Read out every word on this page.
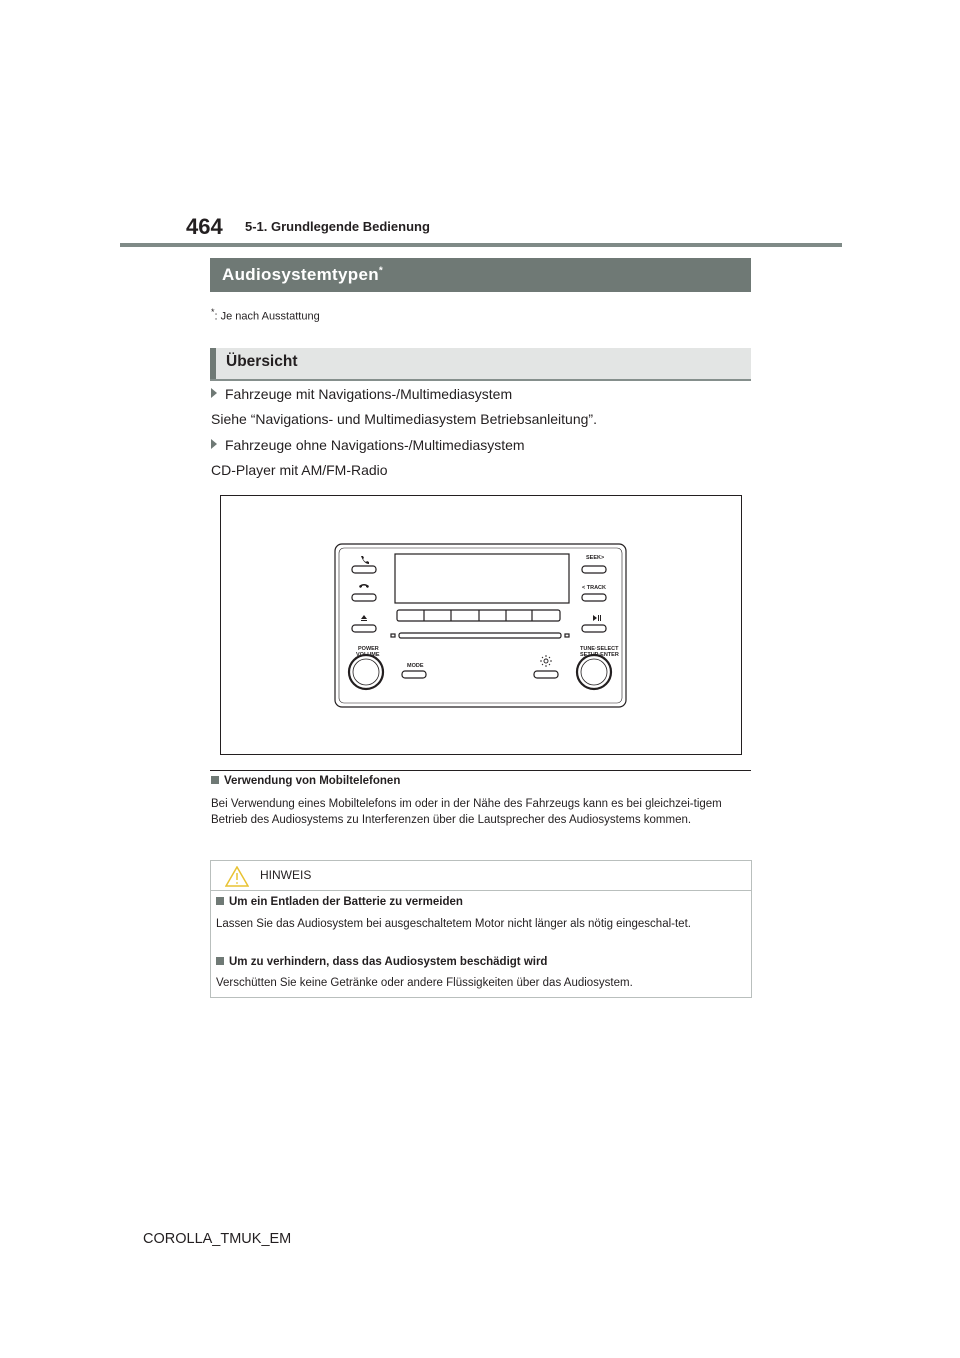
464 5-1. Grundlegende Bedienung
Audiosystemtypen*
*: Je nach Ausstattung
Übersicht
Fahrzeuge mit Navigations-/Multimediasystem
Siehe “Navigations- und Multimediasystem Betriebsanleitung”.
Fahrzeuge ohne Navigations-/Multimediasystem
CD-Player mit AM/FM-Radio
SEEK>
< TRACK
POWER
VOLUME
MODE
TUNE·SELECT
SETUP·ENTER
Verwendung von Mobiltelefonen
Bei Verwendung eines Mobiltelefons im oder in der Nähe des Fahrzeugs kann es bei gleichzei-tigem Betrieb des Audiosystems zu Interferenzen über die Lautsprecher des Audiosystems kommen.
HINWEIS
Um ein Entladen der Batterie zu vermeiden
Lassen Sie das Audiosystem bei ausgeschaltetem Motor nicht länger als nötig eingeschal-tet.
Um zu verhindern, dass das Audiosystem beschädigt wird
Verschütten Sie keine Getränke oder andere Flüssigkeiten über das Audiosystem.
COROLLA_TMUK_EM
